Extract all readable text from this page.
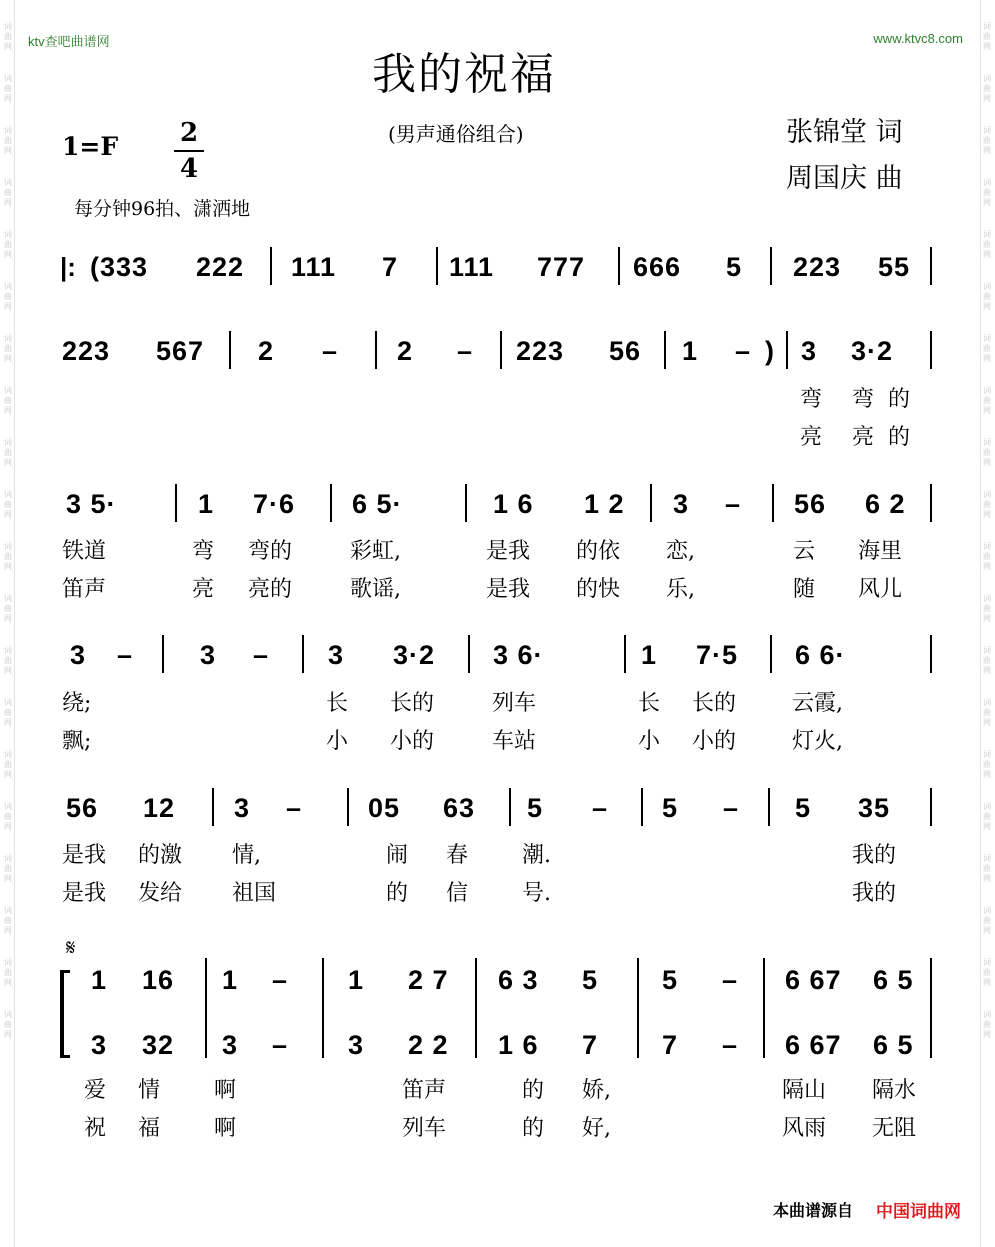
词
曲
网
词
曲
网
词
曲
网
词
曲
网
词
曲
网
词
曲
网
词
曲
网
词
曲
网
词
曲
网
词
曲
网
词
曲
网
词
曲
网
词
曲
网
词
曲
网
词
曲
网
词
曲
网
词
曲
网
词
曲
网
词
曲
网
词
曲
网
词
曲
网
词
曲
网
词
曲
网
词
曲
网
词
曲
网
词
曲
网
词
曲
网
词
曲
网
词
曲
网
词
曲
网
词
曲
网
词
曲
网
词
曲
网
词
曲
网
词
曲
网
词
曲
网
词
曲
网
词
曲
网
词
曲
网
词
曲
网
ktv查吧曲谱网	www.ktvc8.com
我的祝福
(男声通俗组合)	张锦堂 词
周国庆 曲
1=F 2
4
每分钟96拍、潇洒地
(333 222 111 7 111 777 666 5 223 55
223 567 2 – 2 – 223 56 1 – ) 3 3·2
弯 弯 的
亮 亮 的
3 5·	1 7·6 6 5·	1 6 1 2 3 – 56 6 2
铁道	弯 弯的	彩虹,	是我 的依 恋,	云 海里
笛声	亮 亮的	歌谣,	是我 的快 乐,	随 风儿
3 – 3 – 3 3·2 3 6·	1 7·5 6 6·
绕;	长 长的	列车	长 长的	云霞,
飘;	小 小的	车站	小 小的	灯火,
56 12 3 – 05 63 5 – 5 – 5 35
是我 的激 情,	闹 春 潮.	我的
是我 发给 祖国	的 信 号.	我的
1 16 1 – 1 2 7 6 3 5 5 – 6 67 6 5
3 32 3 – 3 2 2 1 6 7 7 – 6 67 6 5
爱 情 啊	笛声	的 娇,	隔山 隔水
祝 福 啊	列车	的 好,	风雨 无阻
|:
𝄋
本曲谱源自 中国词曲网
